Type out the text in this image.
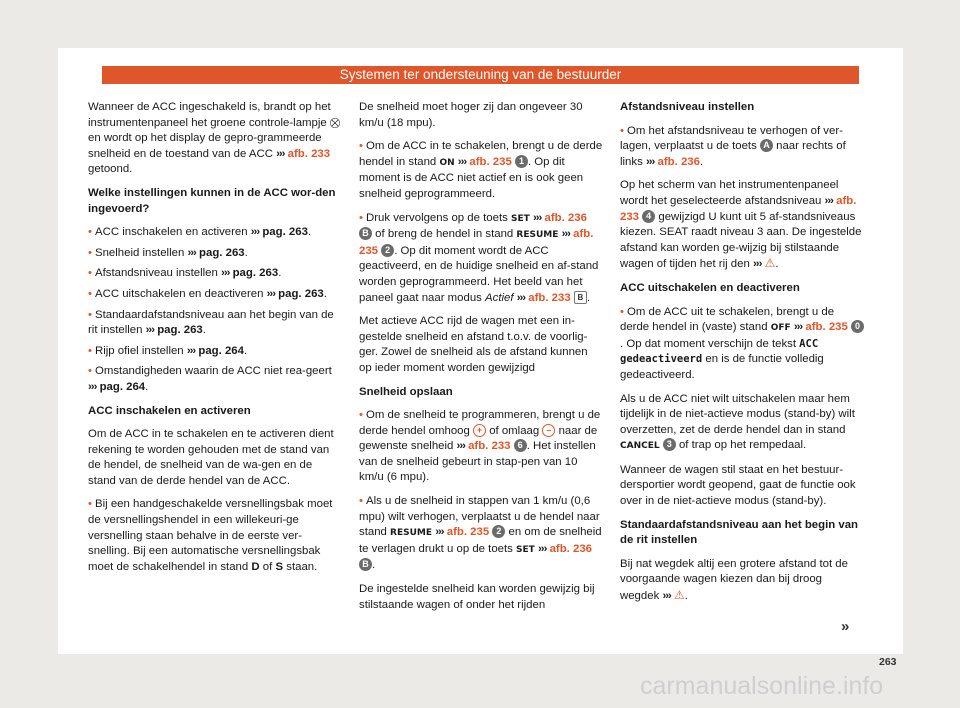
Systemen ter ondersteuning van de bestuurder

Wanneer de ACC ingeschakeld is, brandt op het instrumentenpaneel het groene controle-lampje ⛒ en wordt op het display de gepro-grammeerde snelheid en de toestand van de ACC ››› afb. 233 getoond.

Welke instellingen kunnen in de ACC wor-den ingevoerd?

• ACC inschakelen en activeren ››› pag. 263.

• Snelheid instellen ››› pag. 263.

• Afstandsniveau instellen ››› pag. 263.

• ACC uitschakelen en deactiveren ››› pag. 263.

• Standaardafstandsniveau aan het begin van de rit instellen ››› pag. 263.

• Rijp ofiel instellen ››› pag. 264.

• Omstandigheden waarin de ACC niet rea-geert ››› pag. 264.

ACC inschakelen en activeren

Om de ACC in te schakelen en te activeren dient rekening te worden gehouden met de stand van de hendel, de snelheid van de wa-gen en de stand van de derde hendel van de ACC.

• Bij een handgeschakelde versnellingsbak moet de versnellingshendel in een willekeuri-ge versnelling staan behalve in de eerste ver-snelling. Bij een automatische versnellingsbak moet de schakelhendel in stand D of S staan.

De snelheid moet hoger zij dan ongeveer 30 km/u (18 mpu).

• Om de ACC in te schakelen, brengt u de derde hendel in stand ON ››› afb. 235 1 . Op dit moment is de ACC niet actief en is ook geen snelheid geprogrammeerd.

• Druk vervolgens op de toets SET ››› afb. 236 B of breng de hendel in stand RESUME ››› afb. 235 2 . Op dit moment wordt de ACC geactiveerd, en de huidige snelheid en af-stand worden geprogrammeerd. Het beeld van het paneel gaat naar modus Actief ››› afb. 233 B .

Met actieve ACC rijd de wagen met een in-gestelde snelheid en afstand t.o.v. de voorlig-ger. Zowel de snelheid als de afstand kunnen op ieder moment worden gewijzigd

Snelheid opslaan

• Om de snelheid te programmeren, brengt u de derde hendel omhoog + of omlaag – naar de gewenste snelheid ››› afb. 233 6 . Het instellen van de snelheid gebeurt in stap-pen van 10 km/u (6 mpu).

• Als u de snelheid in stappen van 1 km/u (0,6 mpu) wilt verhogen, verplaatst u de hendel naar stand RESUME ››› afb. 235 2 en om de snelheid te verlagen drukt u op de toets SET ››› afb. 236 B .

De ingestelde snelheid kan worden gewijzig bij stilstaande wagen of onder het rijden

Afstandsniveau instellen

• Om het afstandsniveau te verhogen of ver-lagen, verplaatst u de toets A naar rechts of links ››› afb. 236.

Op het scherm van het instrumentenpaneel wordt het geselecteerde afstandsniveau ››› afb. 233 4 gewijzigd U kunt uit 5 af-standsniveaus kiezen. SEAT raadt niveau 3 aan. De ingestelde afstand kan worden ge-wijzig bij stilstaande wagen of tijden het rij den ››› ⚠.

ACC uitschakelen en deactiveren

• Om de ACC uit te schakelen, brengt u de derde hendel in (vaste) stand OFF ››› afb. 235 0. Op dat moment verschijn de tekst ACC gedeactiveerd en is de functie volledig gedeactiveerd.

Als u de ACC niet wilt uitschakelen maar hem tijdelijk in de niet-actieve modus (stand-by) wilt overzetten, zet de derde hendel dan in stand CANCEL 3 of trap op het rempedaal.

Wanneer de wagen stil staat en het bestuur-dersportier wordt geopend, gaat de functie ook over in de niet-actieve modus (stand-by).

Standaardafstandsniveau aan het begin van de rit instellen

Bij nat wegdek altij een grotere afstand tot de voorgaande wagen kiezen dan bij droog wegdek ››› ⚠.

»
263
carmanualsonline.info
